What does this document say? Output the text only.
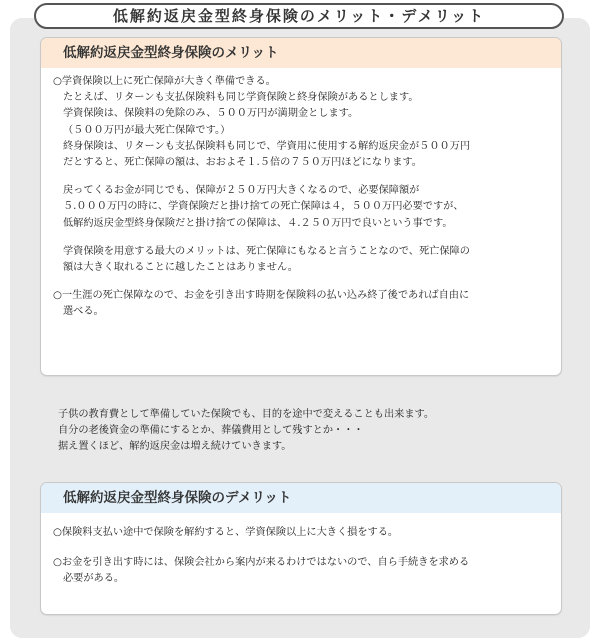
低解約返戻金型終身保険のメリット・デメリット
低解約返戻金型終身保険のメリット

○学資保険以上に死亡保障が大きく準備できる。

たとえば、リターンも支払保険料も同じ学資保険と終身保険があるとします。

学資保険は、保険料の免除のみ、５００万円が満期金とします。

（５００万円が最大死亡保障です。）

終身保険は、リターンも支払保険料も同じで、学資用に使用する解約返戻金が５００万円

だとすると、死亡保障の額は、おおよそ１.５倍の７５０万円ほどになります。

戻ってくるお金が同じでも、保障が２５０万円大きくなるので、必要保障額が

５.０００万円の時に、学資保険だと掛け捨ての死亡保障は４，５００万円必要ですが、

低解約返戻金型終身保険だと掛け捨ての保障は、４.２５０万円で良いという事です。

学資保険を用意する最大のメリットは、死亡保障にもなると言うことなので、死亡保障の

額は大きく取れることに越したことはありません。

○一生涯の死亡保障なので、お金を引き出す時期を保険料の払い込み終了後であれば自由に

選べる。

子供の教育費として準備していた保険でも、目的を途中で変えることも出来ます。

自分の老後資金の準備にするとか、葬儀費用として残すとか・・・

据え置くほど、解約返戻金は増え続けていきます。

低解約返戻金型終身保険のデメリット

○保険料支払い途中で保険を解約すると、学資保険以上に大きく損をする。

○お金を引き出す時には、保険会社から案内が来るわけではないので、自ら手続きを求める

必要がある。
